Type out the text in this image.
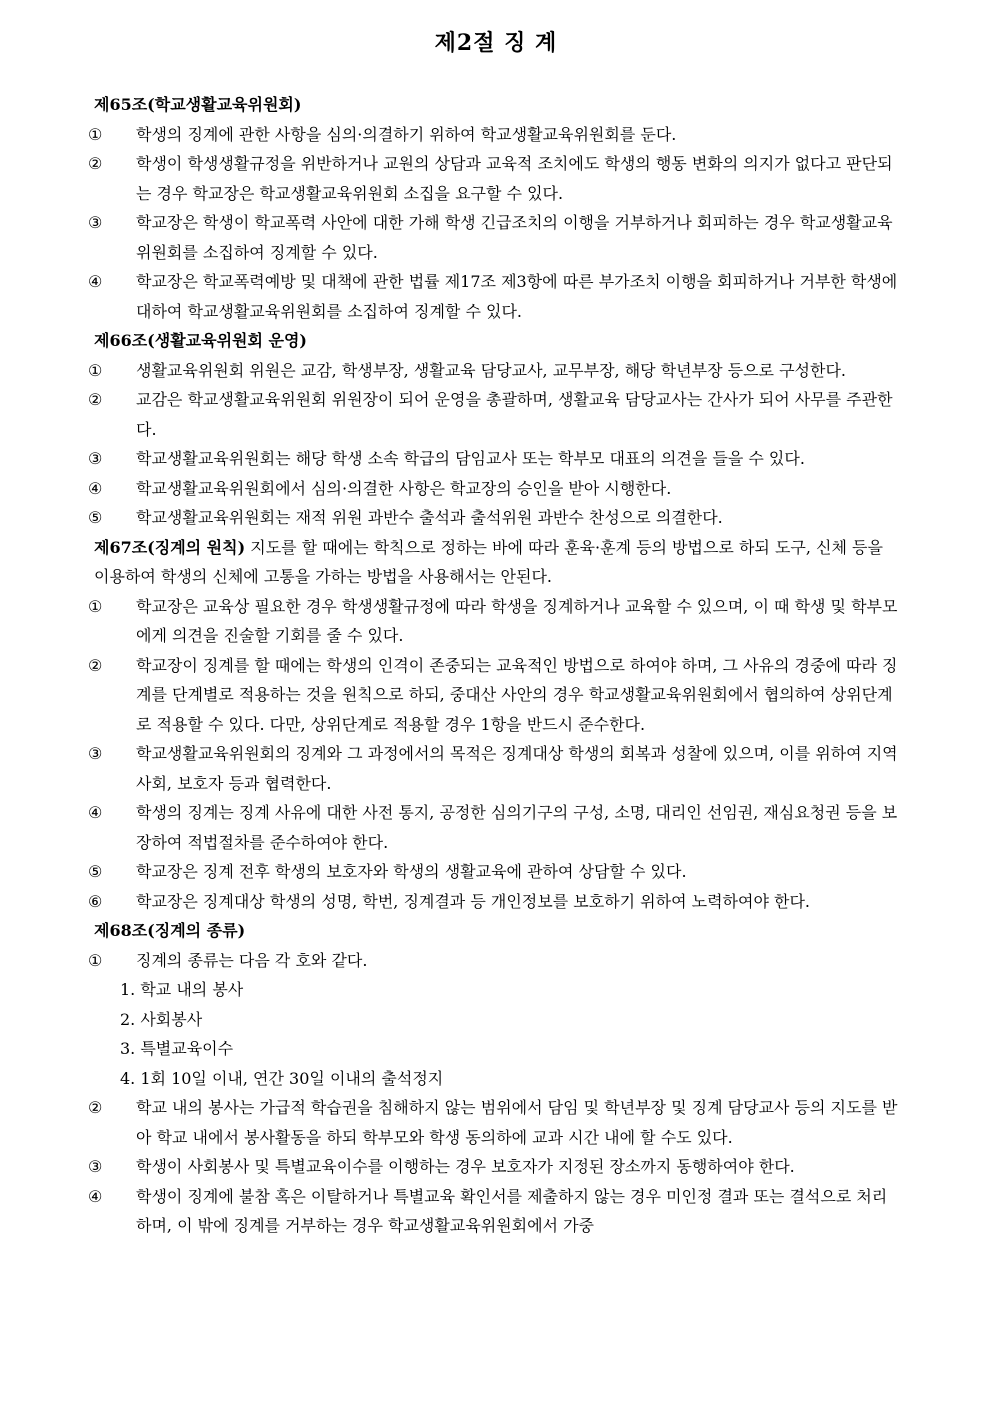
제2절 징 계
제65조(학교생활교육위원회)

① 학생의 징계에 관한 사항을 심의·의결하기 위하여 학교생활교육위원회를 둔다.

② 학생이 학생생활규정을 위반하거나 교원의 상담과 교육적 조치에도 학생의 행동 변화의 의지가 없다고 판단되는 경우 학교장은 학교생활교육위원회 소집을 요구할 수 있다.

③ 학교장은 학생이 학교폭력 사안에 대한 가해 학생 긴급조치의 이행을 거부하거나 회피하는 경우 학교생활교육위원회를 소집하여 징계할 수 있다.

④ 학교장은 학교폭력예방 및 대책에 관한 법률 제17조 제3항에 따른 부가조치 이행을 회피하거나 거부한 학생에 대하여 학교생활교육위원회를 소집하여 징계할 수 있다.

제66조(생활교육위원회 운영)

① 생활교육위원회 위원은 교감, 학생부장, 생활교육 담당교사, 교무부장, 해당 학년부장 등으로 구성한다.

② 교감은 학교생활교육위원회 위원장이 되어 운영을 총괄하며, 생활교육 담당교사는 간사가 되어 사무를 주관한다.

③ 학교생활교육위원회는 해당 학생 소속 학급의 담임교사 또는 학부모 대표의 의견을 들을 수 있다.

④ 학교생활교육위원회에서 심의·의결한 사항은 학교장의 승인을 받아 시행한다.

⑤ 학교생활교육위원회는 재적 위원 과반수 출석과 출석위원 과반수 찬성으로 의결한다.

제67조(징계의 원칙) 지도를 할 때에는 학칙으로 정하는 바에 따라 훈육·훈계 등의 방법으로 하되 도구, 신체 등을 이용하여 학생의 신체에 고통을 가하는 방법을 사용해서는 안된다.

① 학교장은 교육상 필요한 경우 학생생활규정에 따라 학생을 징계하거나 교육할 수 있으며, 이 때 학생 및 학부모에게 의견을 진술할 기회를 줄 수 있다.

② 학교장이 징계를 할 때에는 학생의 인격이 존중되는 교육적인 방법으로 하여야 하며, 그 사유의 경중에 따라 징계를 단계별로 적용하는 것을 원칙으로 하되, 중대산 사안의 경우 학교생활교육위원회에서 협의하여 상위단계로 적용할 수 있다. 다만, 상위단계로 적용할 경우 1항을 반드시 준수한다.

③ 학교생활교육위원회의 징계와 그 과정에서의 목적은 징계대상 학생의 회복과 성찰에 있으며, 이를 위하여 지역사회, 보호자 등과 협력한다.

④ 학생의 징계는 징계 사유에 대한 사전 통지, 공정한 심의기구의 구성, 소명, 대리인 선임권, 재심요청권 등을 보장하여 적법절차를 준수하여야 한다.

⑤ 학교장은 징계 전후 학생의 보호자와 학생의 생활교육에 관하여 상담할 수 있다.

⑥ 학교장은 징계대상 학생의 성명, 학번, 징계결과 등 개인정보를 보호하기 위하여 노력하여야 한다.

제68조(징계의 종류)

① 징계의 종류는 다음 각 호와 같다.

1. 학교 내의 봉사

2. 사회봉사

3. 특별교육이수

4. 1회 10일 이내, 연간 30일 이내의 출석정지

② 학교 내의 봉사는 가급적 학습권을 침해하지 않는 범위에서 담임 및 학년부장 및 징계 담당교사 등의 지도를 받아 학교 내에서 봉사활동을 하되 학부모와 학생 동의하에 교과 시간 내에 할 수도 있다.

③ 학생이 사회봉사 및 특별교육이수를 이행하는 경우 보호자가 지정된 장소까지 동행하여야 한다.

④ 학생이 징계에 불참 혹은 이탈하거나 특별교육 확인서를 제출하지 않는 경우 미인정 결과 또는 결석으로 처리하며, 이 밖에 징계를 거부하는 경우 학교생활교육위원회에서 가중
